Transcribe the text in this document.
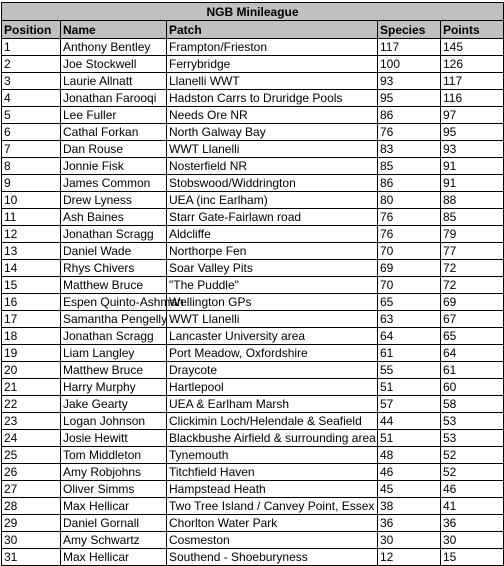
NGB Minileague				
Position	Name	Patch	Species	Points
1	Anthony Bentley	Frampton/Frieston	117	145
2	Joe Stockwell	Ferrybridge	100	126
3	Laurie Allnatt	Llanelli WWT	93	117
4	Jonathan Farooqi	Hadston Carrs to Druridge Pools	95	116
5	Lee Fuller	Needs Ore NR	86	97
6	Cathal Forkan	North Galway Bay	76	95
7	Dan Rouse	WWT Llanelli	83	93
8	Jonnie Fisk	Nosterfield NR	85	91
9	James Common	Stobswood/Widdrington	86	91
10	Drew Lyness	UEA (inc Earlham)	80	88
11	Ash Baines	Starr Gate-Fairlawn road	76	85
12	Jonathan Scragg	Aldcliffe	76	79
13	Daniel Wade	Northorpe Fen	70	77
14	Rhys Chivers	Soar Valley Pits	69	72
15	Matthew Bruce	"The Puddle"	70	72
16	Espen Quinto-Ashman	Wellington GPs	65	69
17	Samantha Pengelly	WWT Llanelli	63	67
18	Jonathan Scragg	Lancaster University area	64	65
19	Liam Langley	Port Meadow, Oxfordshire	61	64
20	Matthew Bruce	Draycote	55	61
21	Harry Murphy	Hartlepool	51	60
22	Jake Gearty	UEA & Earlham Marsh	57	58
23	Logan Johnson	Clickimin Loch/Helendale & Seafield	44	53
24	Josie Hewitt	Blackbushe Airfield & surrounding area	51	53
25	Tom Middleton	Tynemouth	48	52
26	Amy Robjohns	Titchfield Haven	46	52
27	Oliver Simms	Hampstead Heath	45	46
28	Max Hellicar	Two Tree Island / Canvey Point, Essex	38	41
29	Daniel Gornall	Chorlton Water Park	36	36
30	Amy Schwartz	Cosmeston	30	30
31	Max Hellicar	Southend - Shoeburyness	12	15
